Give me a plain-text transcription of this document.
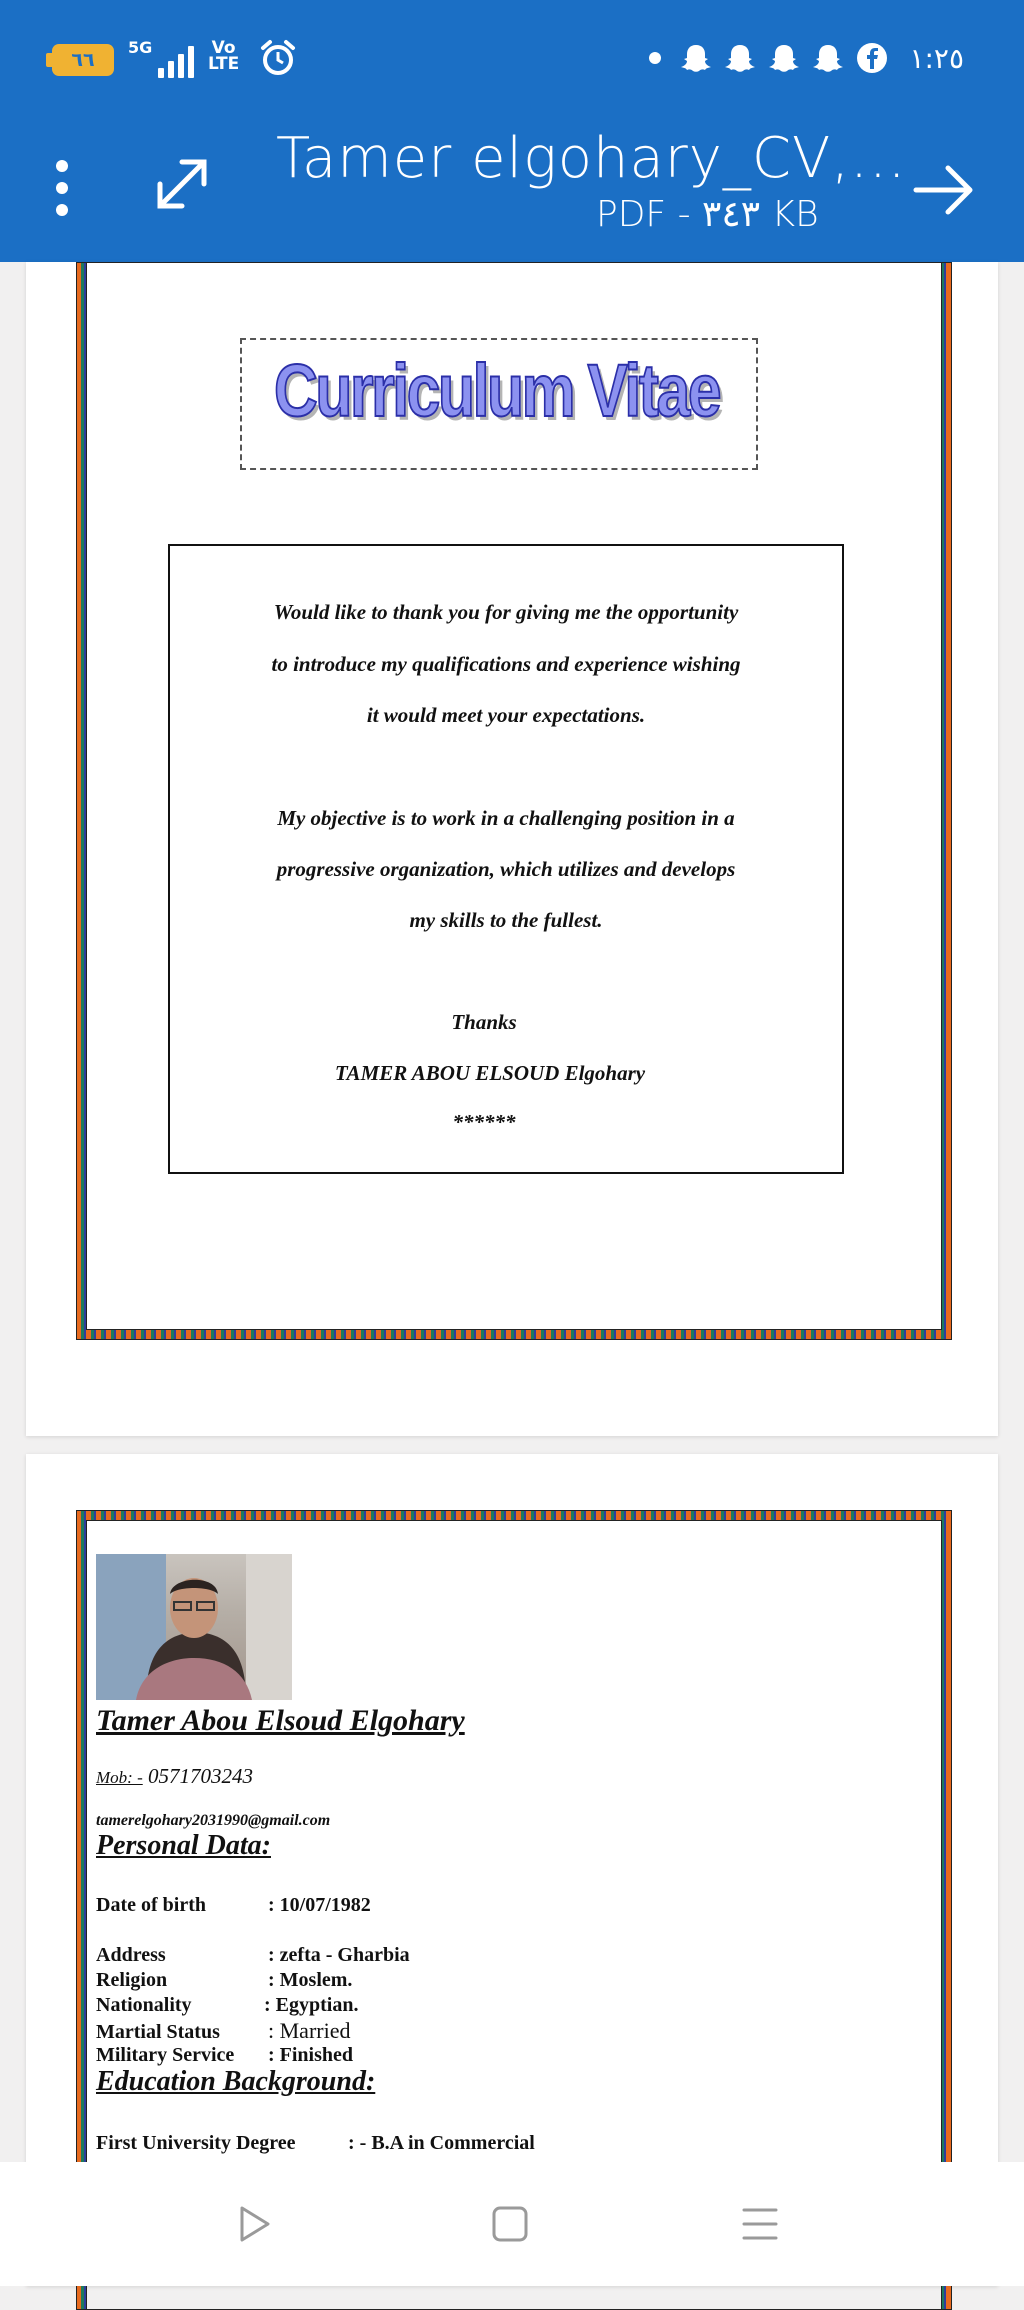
٦٦
5G	Vo
LTE	١:٢٥
Tamer elgohary_CV,...
PDF - ٣٤٣ KB
Curriculum Vitae

Would like to thank you for giving me the opportunity

to introduce my qualifications and experience wishing

it would meet your expectations.

My objective is to work in a challenging position in a

progressive organization, which utilizes and develops

my skills to the fullest.

Thanks

TAMER ABOU ELSOUD Elgohary

******

Tamer Abou Elsoud Elgohary
Mob: - 0571703243
tamerelgohary2031990@gmail.com
Personal Data:
Date of birth	: 10/07/1982
Address	: zefta - Gharbia
Religion	: Moslem.
Nationality	: Egyptian.
Martial Status : Married
Military Service : Finished
Education Background:
First University Degree	: - B.A in Commercial
